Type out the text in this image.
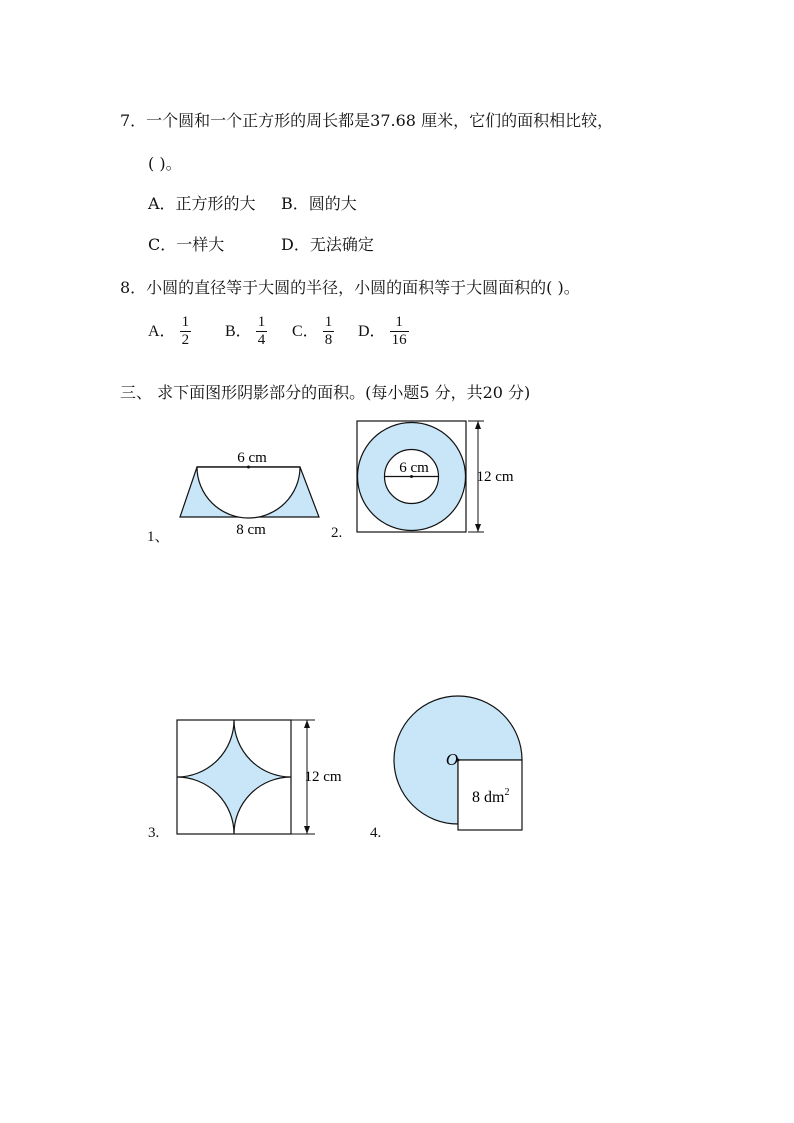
7．一个圆和一个正方形的周长都是37.68 厘米，它们的面积相比较，
( )。
A．正方形的大 B．圆的大
C．一样大	D．无法确定
8．小圆的直径等于大圆的半径，小圆的面积等于大圆面积的( )。
A． $\frac{1}{2}$ B． $\frac{1}{4}$ C． $\frac{1}{8}$ D． $\frac{1}{16}$
三、 求下面图形阴影部分的面积。(每小题5 分，共20 分)
1、
6 cm
8 cm	2.
6 cm
12 cm
3.
12 cm
4.
O
8 $dm^2$
